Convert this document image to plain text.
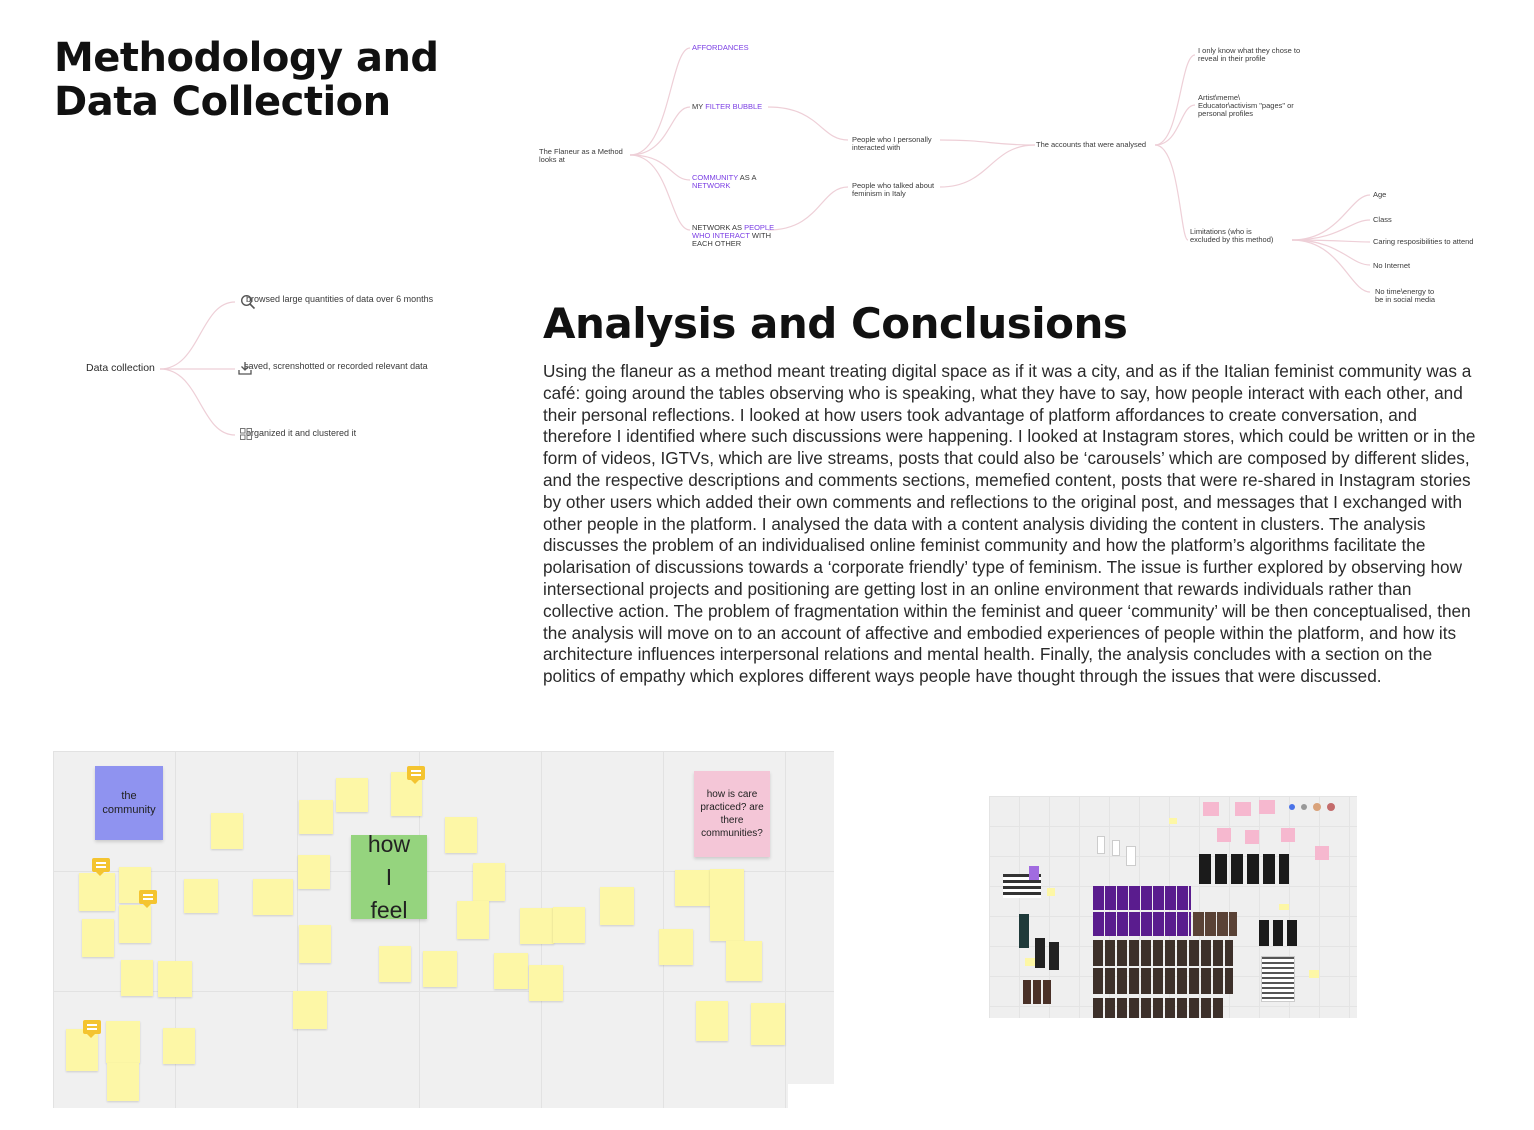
Methodology and Data Collection
Analysis and Conclusions

Using the flaneur as a method meant treating digital space as if it was a city, and as if the Italian feminist community was a café: going around the tables observing who is speaking, what they have to say, how people interact with each other, and their personal reflections. I looked at how users took advantage of platform affordances to create conversation, and therefore I identified where such discussions were happening. I looked at Instagram stores, which could be written or in the form of videos, IGTVs, which are live streams, posts that could also be ‘carousels’ which are composed by different slides, and the respective descriptions and comments sections, memefied content, posts that were re-shared in Instagram stories by other users which added their own comments and reflections to the original post, and messages that I exchanged with other people in the platform. I analysed the data with a content analysis dividing the content in clusters. The analysis discusses the problem of an individualised online feminist community and how the platform’s algorithms facilitate the polarisation of discussions towards a ‘corporate friendly’ type of feminism. The issue is further explored by observing how intersectional projects and positioning are getting lost in an online environment that rewards individuals rather than collective action. The problem of fragmentation within the feminist and queer ‘community’ will be then conceptualised, then the analysis will move on to an account of affective and embodied experiences of people within the platform, and how its architecture influences interpersonal relations and mental health. Finally, the analysis concludes with a section on the politics of empathy which explores different ways people have thought through the issues that were discussed.

The Flaneur as a Method looks at
AFFORDANCES
MY FILTER BUBBLE
COMMUNITY AS A NETWORK
NETWORK AS PEOPLE WHO INTERACT WITH EACH OTHER
People who I personally interacted with
People who talked about feminism in Italy
The accounts that were analysed
I only know what they chose to reveal in their profile
Artist\meme\ Educator\activism "pages" or personal profiles
Limitations (who is excluded by this method)
Age
Class
Caring resposibilities to attend
No Internet
No time\energy to be in social media
Data collection
browsed large quantities of data over 6 months
saved, screnshotted or recorded relevant data
organized it and clustered it
the community
how I feel
how is care practiced? are there communities?
